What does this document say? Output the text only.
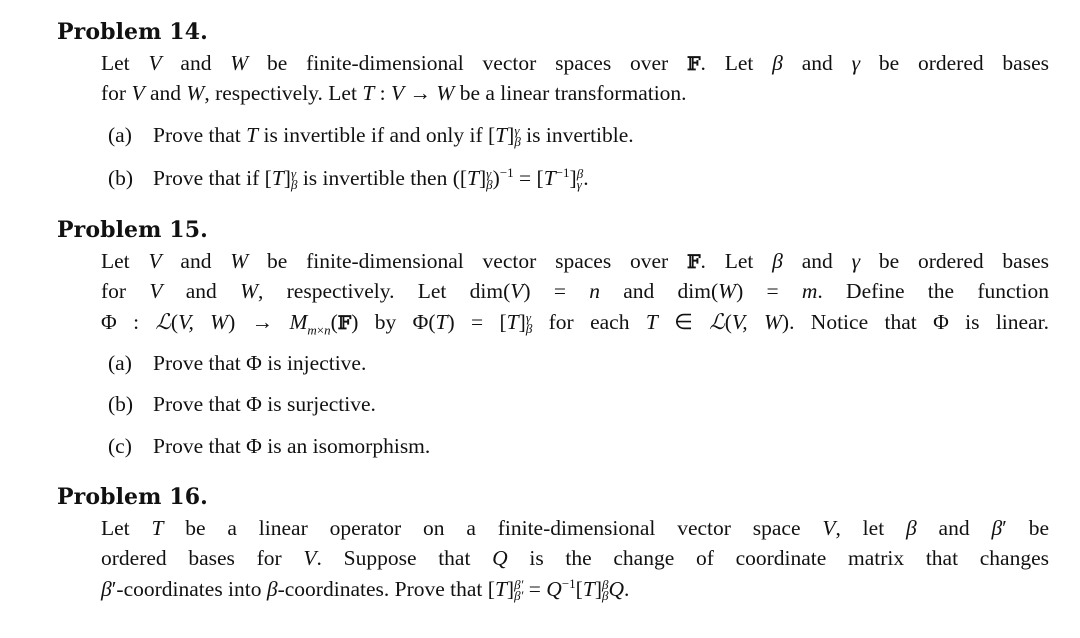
Problem 14.
Let V and W be finite-dimensional vector spaces over 𝔽. Let β and γ be ordered bases
for V and W, respectively. Let T : V → W be a linear transformation.
(a) Prove that T is invertible if and only if [T] γ
β is invertible.
(b) Prove that if [T] γ
β is invertible then ([T] γ
β )$^{-1} = [T^{-1}]$ β
γ .
Problem 15.
Let V and W be finite-dimensional vector spaces over 𝔽. Let β and γ be ordered bases
for V and W, respectively. Let dim(V) = n and dim(W) = m. Define the function
Φ : ℒ(V, $W) \to M_{m\times n}(𝔽)$ by Φ(T) = [T] γ
β for each T ∈ ℒ(V, W). Notice that Φ is linear.
(a) Prove that Φ is injective.
(b) Prove that Φ is surjective.
(c) Prove that Φ is an isomorphism.
Problem 16.
Let T be a linear operator on a finite-dimensional vector space V, let β and β′ be
ordered bases for V. Suppose that Q is the change of coordinate matrix that changes
β′-coordinates into β-coordinates. Prove that [T] β′
$\beta' = Q^{-1}[T]$ β
β Q.
